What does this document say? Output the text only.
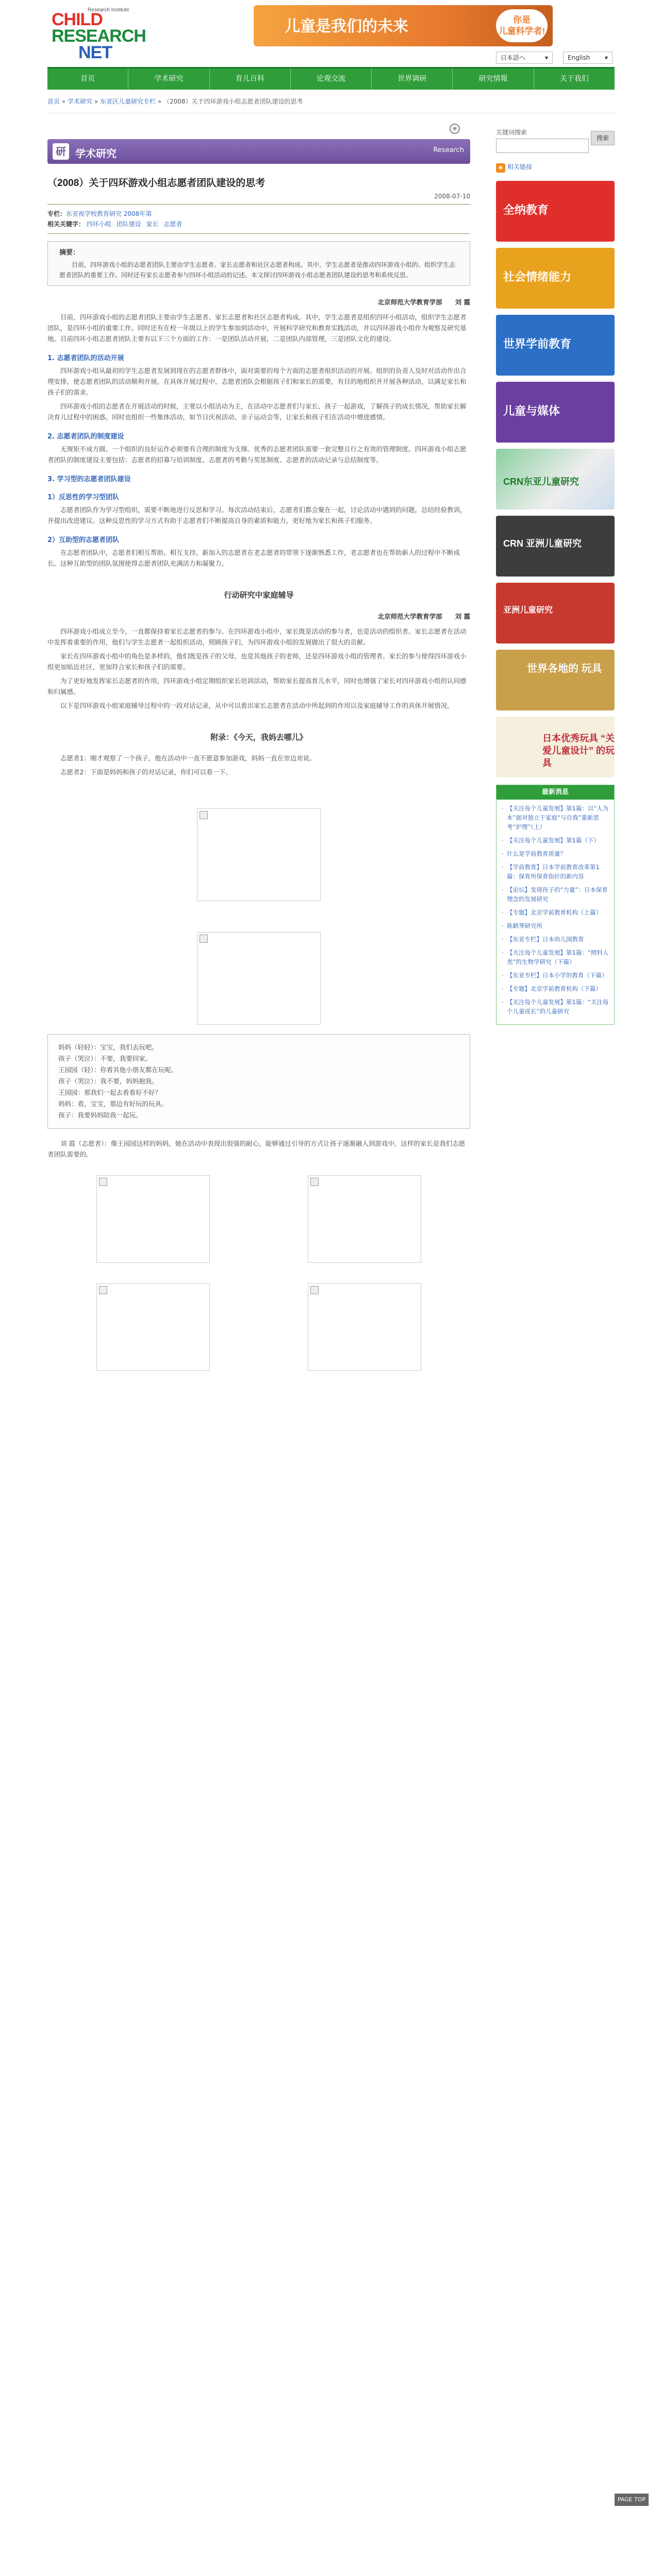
Research Institute
CHILD
RESEARCH
NET
儿童是我们的未来	你是
儿童科学者!
日本語へ	▾	English ▾
首页	学术研究	育儿百科	论观交流	世界调研	研究情報	关于我们
首页 » 学术研究 » 东亚区儿童研究专栏 » （2008）关于四环游戏小组志愿者团队建设的思考
◉
研 学术研究	Research
（2008）关于四环游戏小组志愿者团队建设的思考
2008-07-10
专栏：东亚视学校教育研究 2008年第
相关关键字： 四环小组 团队建设 家长 志愿者
摘要：

目前，四环游戏小组的志愿者团队主要由学生志愿者、家长志愿者和社区志愿者构成。其中，学生志愿者是推动四环游戏小组的、组织学生志愿者团队的重要工作。同时还有家长志愿者参与四环小组活动的记述。本文探讨四环游戏小组志愿者团队建设的思考和系统反思。

北京师范大学教育学部　　刘 霞

目前，四环游戏小组的志愿者团队主要由学生志愿者、家长志愿者和社区志愿者构成。其中，学生志愿者是组织四环小组活动，组织学生志愿者团队，是四环小组的重要工作。同时还有在校一年级以上的学生参加到活动中，开展科学研究和教育实践活动，并以四环游戏小组作为观察及研究基地。目前四环小组志愿者团队主要有以下三个方面的工作：一是团队活动开展，二是团队内部管理，三是团队文化的建设。

1. 志愿者团队的活动开展

四环游戏小组从最初的学生志愿者发展到现在的志愿者群体中，面对需要的每个方面的志愿者组织活动的开展。组织的负责人及时对活动作出合理安排，使志愿者团队的活动顺利开展。在具体开展过程中，志愿者团队会根据孩子们和家长的需要，有目的地组织并开展各种活动，以满足家长和孩子们的需求。

四环游戏小组的志愿者在开展活动的时候，主要以小组活动为主，在活动中志愿者们与家长、孩子一起游戏，了解孩子的成长情况，帮助家长解决育儿过程中的困惑。同时也组织一些集体活动，如节日庆祝活动、亲子运动会等，让家长和孩子们在活动中增进感情。

2. 志愿者团队的制度建设

无规矩不成方圆。一个组织的良好运作必须要有合理的制度为支撑。优秀的志愿者团队需要一套完整且行之有效的管理制度。四环游戏小组志愿者团队的制度建设主要包括：志愿者的招募与培训制度、志愿者的考勤与奖惩制度、志愿者的活动记录与总结制度等。

3. 学习型的志愿者团队建设
1）反思性的学习型团队

志愿者团队作为学习型组织，需要不断地进行反思和学习。每次活动结束后，志愿者们都会聚在一起，讨论活动中遇到的问题，总结经验教训，并提出改进建议。这种反思性的学习方式有助于志愿者们不断提高自身的素质和能力，更好地为家长和孩子们服务。

2）互助型的志愿者团队

在志愿者团队中，志愿者们相互帮助、相互支持。新加入的志愿者在老志愿者的带领下逐渐熟悉工作，老志愿者也在帮助新人的过程中不断成长。这种互助型的团队氛围使得志愿者团队充满活力和凝聚力。

行动研究中家庭辅导
北京师范大学教育学部　　刘 霞

四环游戏小组成立至今，一直都保持着家长志愿者的参与。在四环游戏小组中，家长既是活动的参与者，也是活动的组织者。家长志愿者在活动中发挥着重要的作用，他们与学生志愿者一起组织活动，照顾孩子们，为四环游戏小组的发展做出了很大的贡献。

家长在四环游戏小组中的角色是多样的，他们既是孩子的父母，也是其他孩子的老师，还是四环游戏小组的管理者。家长的参与使得四环游戏小组更加贴近社区，更加符合家长和孩子们的需要。

为了更好地发挥家长志愿者的作用，四环游戏小组定期组织家长培训活动，帮助家长提高育儿水平，同时也增强了家长对四环游戏小组的认同感和归属感。

以下是四环游戏小组家庭辅导过程中的一段对话记录，从中可以看出家长志愿者在活动中所起到的作用以及家庭辅导工作的具体开展情况。

附录：《今天，我妈去哪儿》

志愿者1：刚才观察了一个孩子，他在活动中一直不愿意参加游戏，妈妈一直在旁边劝说。

志愿者2：下面是妈妈和孩子的对话记录，你们可以看一下。

妈妈（轻轻）：宝宝，我们去玩吧。
孩子（哭泣）：不要，我要回家。
王园园（轻）：你看其他小朋友都在玩呢。
孩子（哭泣）：我不要，妈妈抱我。
王园园：那我们一起去看看好不好？
妈妈：看，宝宝，那边有好玩的玩具。
孩子：我要妈妈陪我一起玩。

刘 霞（志愿者）：像王园园这样的妈妈，她在活动中表现出很强的耐心，能够通过引导的方式让孩子逐渐融入到游戏中。这样的家长是我们志愿者团队需要的。

关键词搜索
搜索
◉ 相关链接
全纳教育
社会情绪能力
世界学前教育
儿童与媒体
CRN东亚儿童研究
CRN 亚洲儿童研究
亚洲儿童研究
世界各地的 玩具
日本优秀玩具 “关爱儿童设计” 的玩具
最新消息
· 【关注每个儿童发展】第1篇：以“人为本”面对独立于家庭“与自我”重新思考“护理”（上）
· 【关注每个儿童发展】第1篇（下）
· 什么是学前教育质量？
· 【学前教育】日本学前教育改革第1篇：保育所保育指针的新内容
· 【论坛】发现孩子的“力量”：日本保育理念的发展研究
· 【专题】北京学前教育机构（上篇）
· 陈鹤琴研究所
· 【东亚专栏】日本幼儿园教育
· 【关注每个儿童发展】第1篇：“照料人类”的生物学研究（下篇）
· 【东亚专栏】日本小学的教育（下篇）
· 【专题】北京学前教育机构（下篇）
· 【关注每个儿童发展】第1篇：“关注每个儿童成长”的儿童研究
PAGE TOP
